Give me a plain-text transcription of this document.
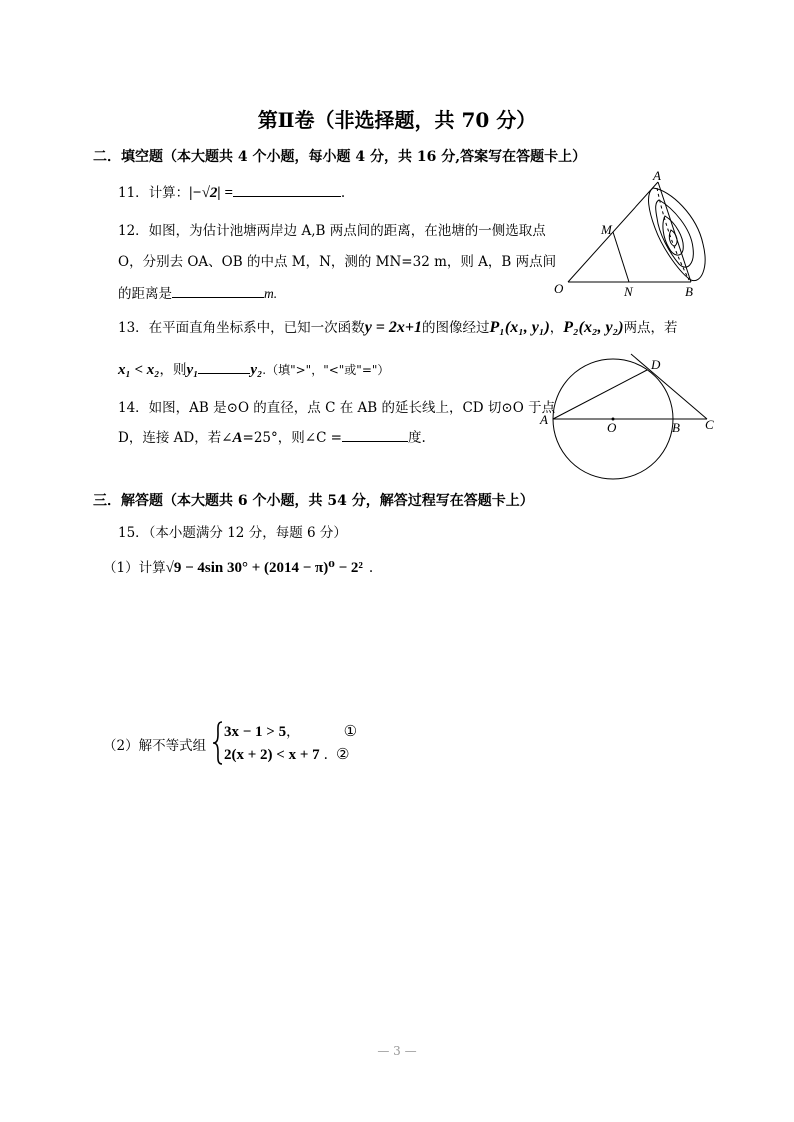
第Ⅱ卷（非选择题，共 70 分）
二．填空题（本大题共 4 个小题，每小题 4 分，共 16 分,答案写在答题卡上）
11．计算：|−√2| =	.
12．如图，为估计池塘两岸边 A,B 两点间的距离，在池塘的一侧选取点
O，分别去 OA、OB 的中点 M，N，测的 MN=32 m，则 A，B 两点间
的距离是	m.
A
M
O	N	B
13．在平面直角坐标系中，已知一次函数y = 2x+1的图像经过P₁(x₁, y₁)，P₂(x₂, y₂)两点，若
x₁ < x₂，则y₁	y₂.（填">"，"<"或"="）
14．如图，AB 是⊙O 的直径，点 C 在 AB 的延长线上，CD 切⊙O 于点
D，连接 AD，若∠A=25°，则∠C =	度.
D
A
O	B C
三．解答题（本大题共 6 个小题，共 54 分，解答过程写在答题卡上）
15．（本小题满分 12 分，每题 6 分）
（1）计算√9 − 4sin 30° + (2014 − π)⁰ − 2² .
（2）解不等式组
3x − 1 > 5，	①
2(x + 2) < x + 7 . ②
— 3 —
